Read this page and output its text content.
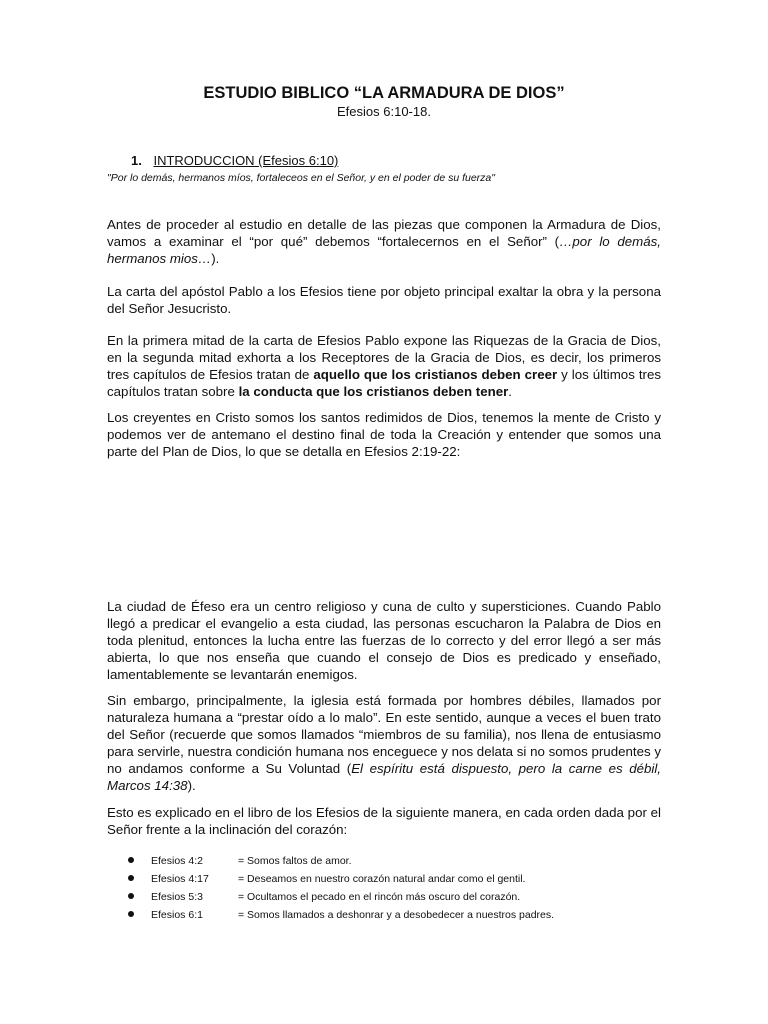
ESTUDIO BIBLICO “LA ARMADURA DE DIOS”
Efesios 6:10-18.
1. INTRODUCCION (Efesios 6:10)
"Por lo demás, hermanos míos, fortaleceos en el Señor, y en el poder de su fuerza"

Antes de proceder al estudio en detalle de las piezas que componen la Armadura de Dios, vamos a examinar el “por qué” debemos “fortalecernos en el Señor” (…por lo demás, hermanos mios…).

La carta del apóstol Pablo a los Efesios tiene por objeto principal exaltar la obra y la persona del Señor Jesucristo.

En la primera mitad de la carta de Efesios Pablo expone las Riquezas de la Gracia de Dios, en la segunda mitad exhorta a los Receptores de la Gracia de Dios, es decir, los primeros tres capítulos de Efesios tratan de aquello que los cristianos deben creer y los últimos tres capítulos tratan sobre la conducta que los cristianos deben tener.

Los creyentes en Cristo somos los santos redimidos de Dios, tenemos la mente de Cristo y podemos ver de antemano el destino final de toda la Creación y entender que somos una parte del Plan de Dios, lo que se detalla en Efesios 2:19-22:

La ciudad de Éfeso era un centro religioso y cuna de culto y supersticiones. Cuando Pablo llegó a predicar el evangelio a esta ciudad, las personas escucharon la Palabra de Dios en toda plenitud, entonces la lucha entre las fuerzas de lo correcto y del error llegó a ser más abierta, lo que nos enseña que cuando el consejo de Dios es predicado y enseñado, lamentablemente se levantarán enemigos.

Sin embargo, principalmente, la iglesia está formada por hombres débiles, llamados por naturaleza humana a “prestar oído a lo malo”. En este sentido, aunque a veces el buen trato del Señor (recuerde que somos llamados “miembros de su familia), nos llena de entusiasmo para servirle, nuestra condición humana nos enceguece y nos delata si no somos prudentes y no andamos conforme a Su Voluntad (El espíritu está dispuesto, pero la carne es débil, Marcos 14:38).

Esto es explicado en el libro de los Efesios de la siguiente manera, en cada orden dada por el Señor frente a la inclinación del corazón:

Efesios 4:2	= Somos faltos de amor.
Efesios 4:17	= Deseamos en nuestro corazón natural andar como el gentil.
Efesios 5:3	= Ocultamos el pecado en el rincón más oscuro del corazón.
Efesios 6:1	= Somos llamados a deshonrar y a desobedecer a nuestros padres.
